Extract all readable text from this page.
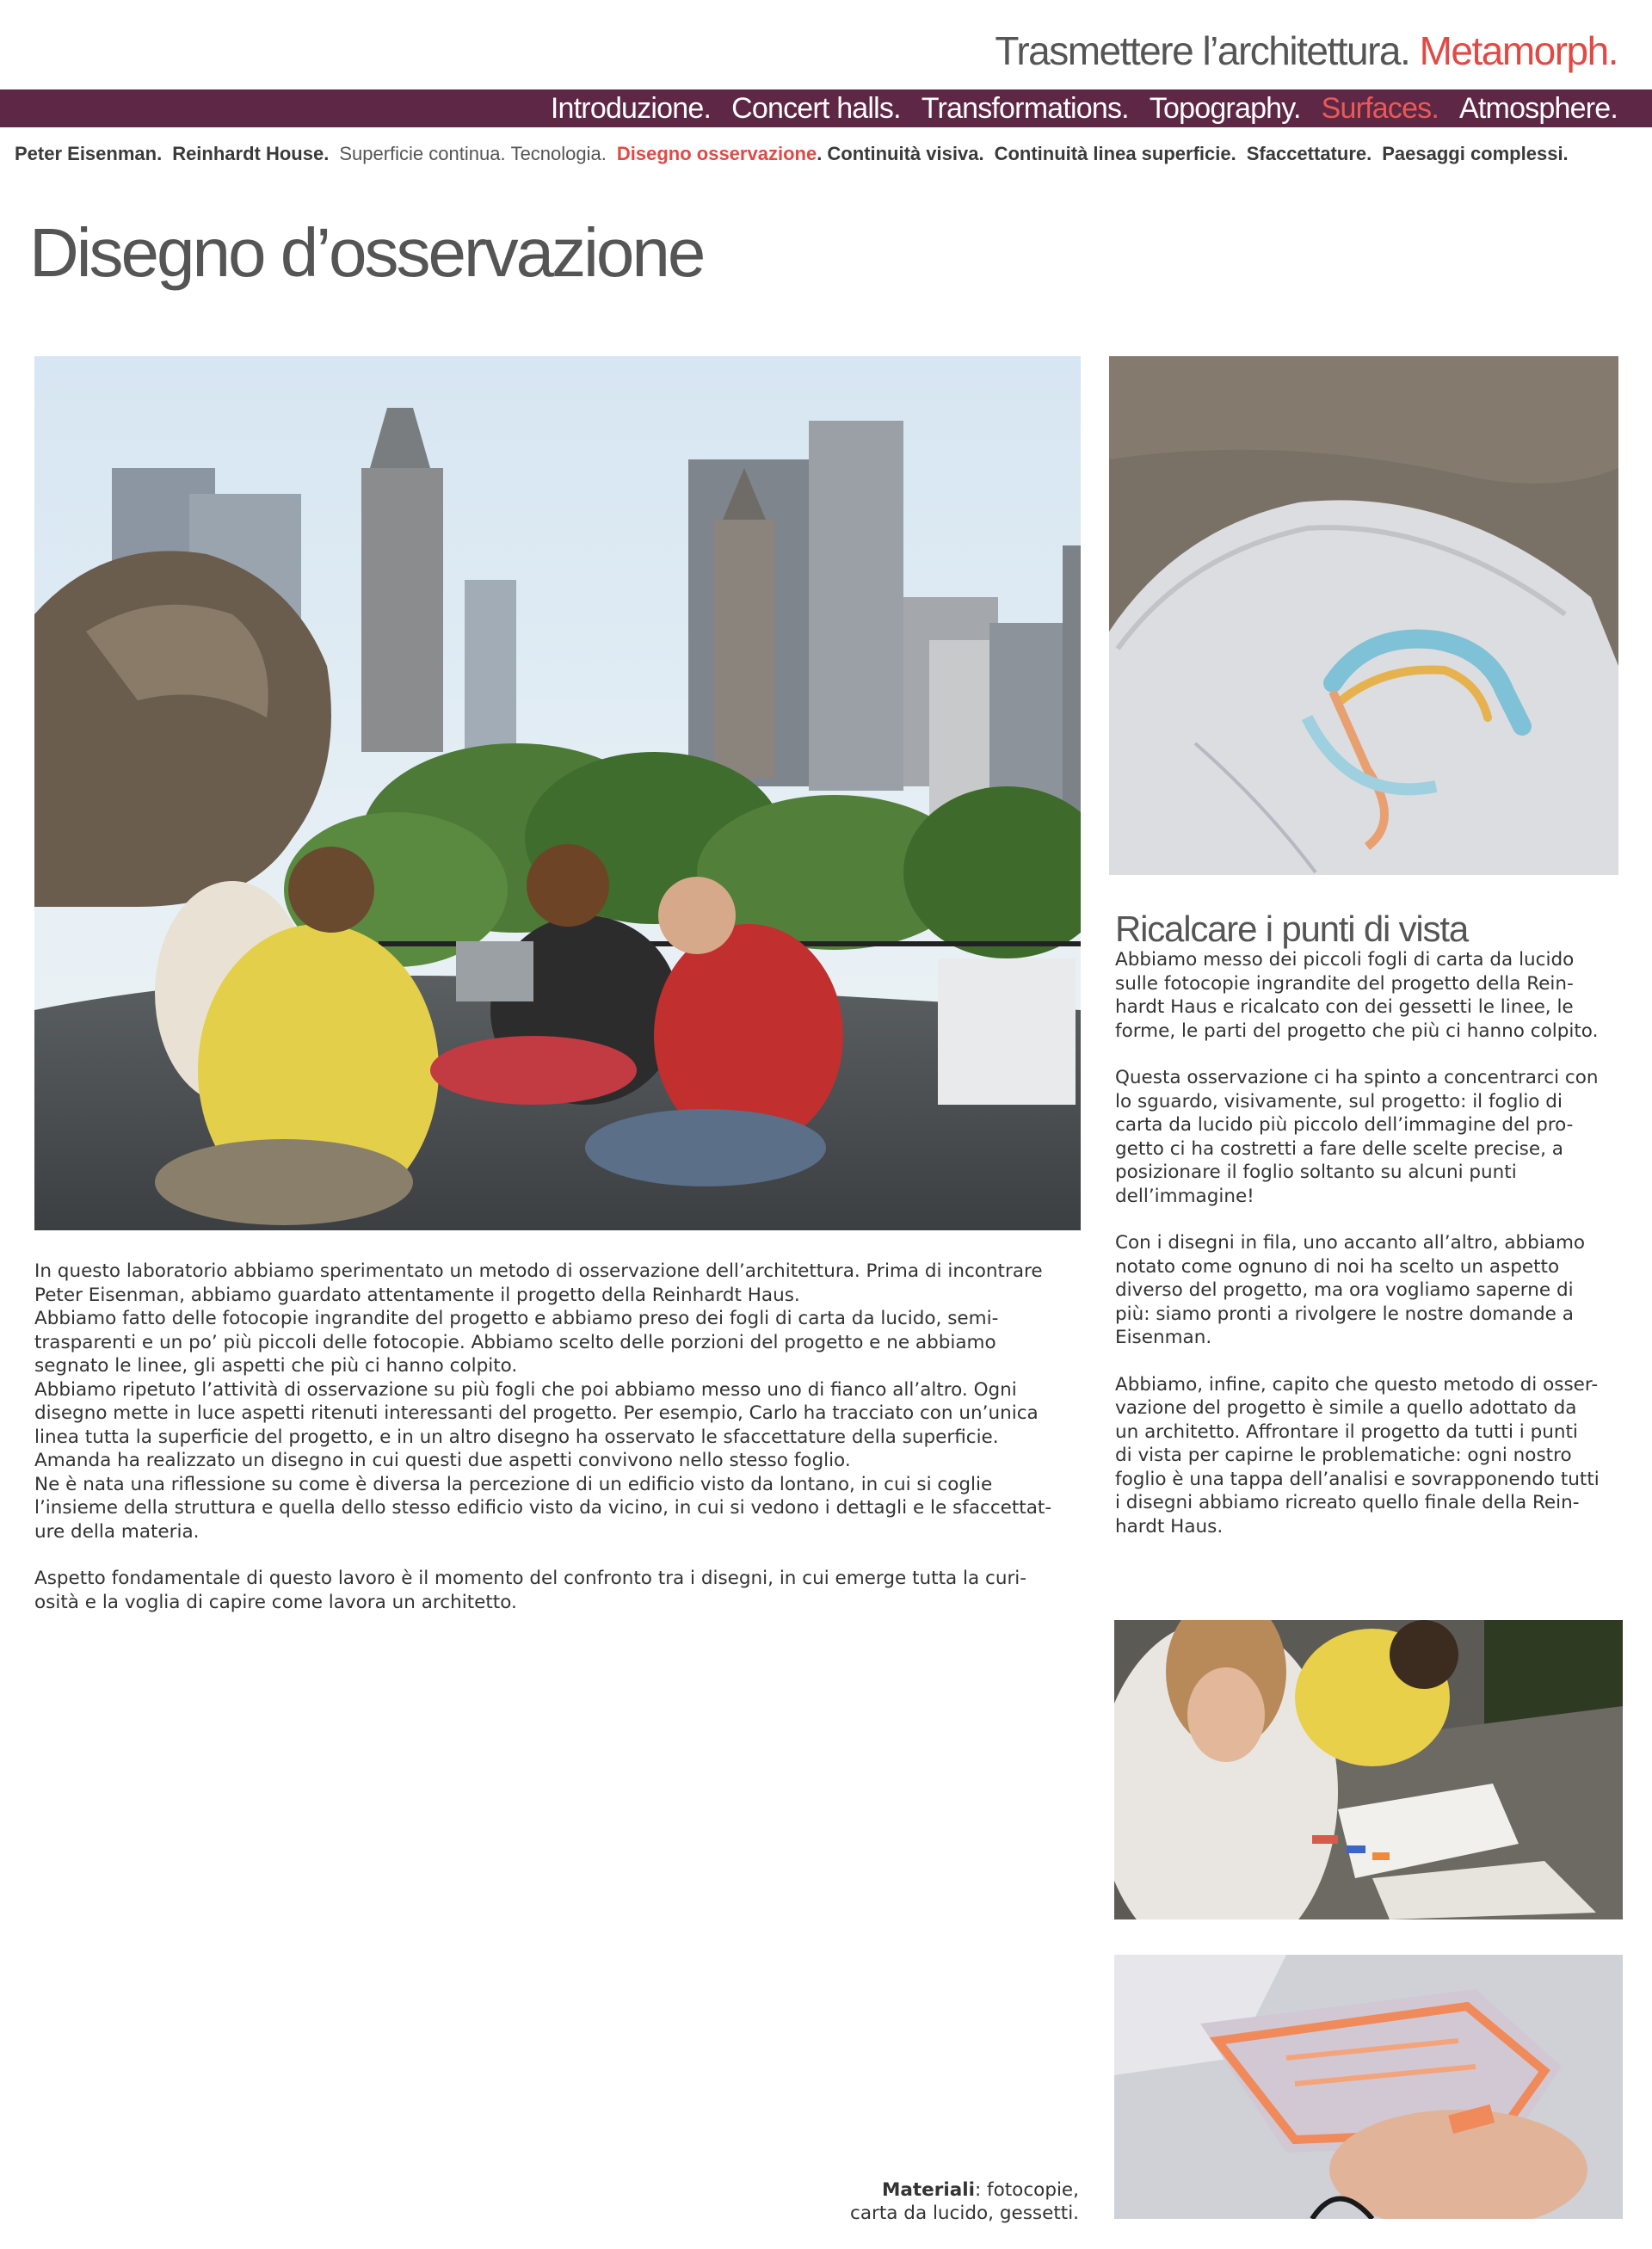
Trasmettere l’architettura. Metamorph.
Introduzione. Concert halls. Transformations. Topography. Surfaces. Atmosphere.
Peter Eisenman. Reinhardt House. Superficie continua. Tecnologia. Disegno osservazione. Continuità visiva. Continuità linea superficie. Sfaccettature. Paesaggi complessi.
Disegno d’osservazione
Ricalcare i punti di vista

Abbiamo messo dei piccoli fogli di carta da lucido

sulle fotocopie ingrandite del progetto della Rein-

hardt Haus e ricalcato con dei gessetti le linee, le

forme, le parti del progetto che più ci hanno colpito.

Questa osservazione ci ha spinto a concentrarci con

lo sguardo, visivamente, sul progetto: il foglio di

carta da lucido più piccolo dell’immagine del pro-

getto ci ha costretti a fare delle scelte precise, a

posizionare il foglio soltanto su alcuni punti

dell’immagine!

Con i disegni in fila, uno accanto all’altro, abbiamo

notato come ognuno di noi ha scelto un aspetto

diverso del progetto, ma ora vogliamo saperne di

più: siamo pronti a rivolgere le nostre domande a

Eisenman.

Abbiamo, infine, capito che questo metodo di osser-

vazione del progetto è simile a quello adottato da

un architetto. Affrontare il progetto da tutti i punti

di vista per capirne le problematiche: ogni nostro

foglio è una tappa dell’analisi e sovrapponendo tutti

i disegni abbiamo ricreato quello finale della Rein-

hardt Haus.

In questo laboratorio abbiamo sperimentato un metodo di osservazione dell’architettura. Prima di incontrare

Peter Eisenman, abbiamo guardato attentamente il progetto della Reinhardt Haus.

Abbiamo fatto delle fotocopie ingrandite del progetto e abbiamo preso dei fogli di carta da lucido, semi-

trasparenti e un po’ più piccoli delle fotocopie. Abbiamo scelto delle porzioni del progetto e ne abbiamo

segnato le linee, gli aspetti che più ci hanno colpito.

Abbiamo ripetuto l’attività di osservazione su più fogli che poi abbiamo messo uno di fianco all’altro. Ogni

disegno mette in luce aspetti ritenuti interessanti del progetto. Per esempio, Carlo ha tracciato con un’unica

linea tutta la superficie del progetto, e in un altro disegno ha osservato le sfaccettature della superficie.

Amanda ha realizzato un disegno in cui questi due aspetti convivono nello stesso foglio.

Ne è nata una riflessione su come è diversa la percezione di un edificio visto da lontano, in cui si coglie

l’insieme della struttura e quella dello stesso edificio visto da vicino, in cui si vedono i dettagli e le sfaccettat-

ure della materia.

Aspetto fondamentale di questo lavoro è il momento del confronto tra i disegni, in cui emerge tutta la curi-

osità e la voglia di capire come lavora un architetto.

Materiali: fotocopie,
carta da lucido, gessetti.
